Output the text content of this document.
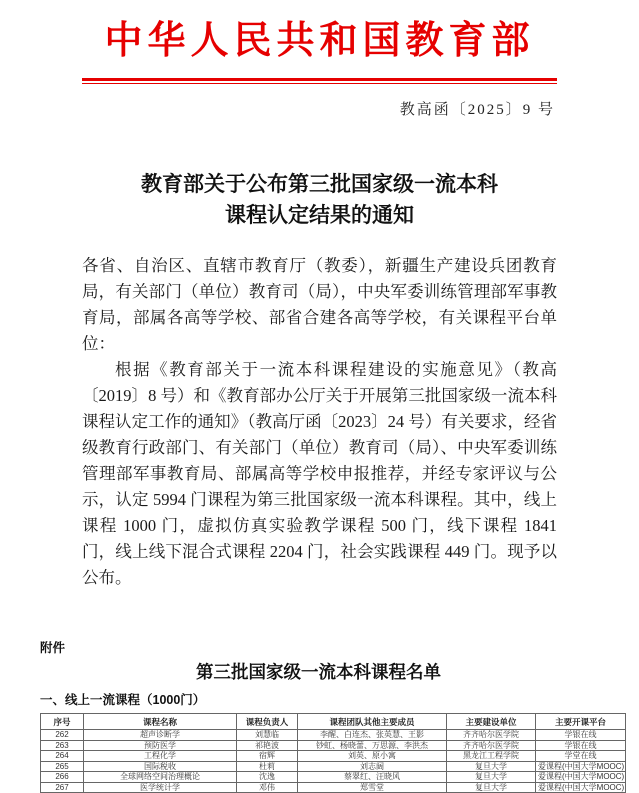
中华人民共和国教育部
教高函〔2025〕9 号
教育部关于公布第三批国家级一流本科
课程认定结果的通知

各省、自治区、直辖市教育厅（教委），新疆生产建设兵团教育局，有关部门（单位）教育司（局），中央军委训练管理部军事教育局，部属各高等学校、部省合建各高等学校，有关课程平台单位：

根据《教育部关于一流本科课程建设的实施意见》（教高〔2019〕8 号）和《教育部办公厅关于开展第三批国家级一流本科课程认定工作的通知》（教高厅函〔2023〕24 号）有关要求，经省级教育行政部门、有关部门（单位）教育司（局）、中央军委训练管理部军事教育局、部属高等学校申报推荐，并经专家评议与公示，认定 5994 门课程为第三批国家级一流本科课程。其中，线上课程 1000 门，虚拟仿真实验教学课程 500 门，线下课程 1841 门，线上线下混合式课程 2204 门，社会实践课程 449 门。现予以公布。

附件
第三批国家级一流本科课程名单
一、线上一流课程（1000门）
序号	课程名称	课程负责人	课程团队其他主要成员	主要建设单位	主要开课平台
262	超声诊断学	刘慧临	李醒、白连杰、张英慧、王影	齐齐哈尔医学院	学银在线
263	预防医学	祁艳波	钞虹、杨晓蕾、万思源、李洪杰	齐齐哈尔医学院	学银在线
264	工程化学	宿辉	刘英、原小寓	黑龙江工程学院	学堂在线
265	国际税收	杜莉	刘志阔	复旦大学	爱课程(中国大学MOOC)
266	全球网络空间治理概论	沈逸	蔡翠红、汪晓风	复旦大学	爱课程(中国大学MOOC)
267	医学统计学	邓伟	郑雪堂	复旦大学	爱课程(中国大学MOOC)
